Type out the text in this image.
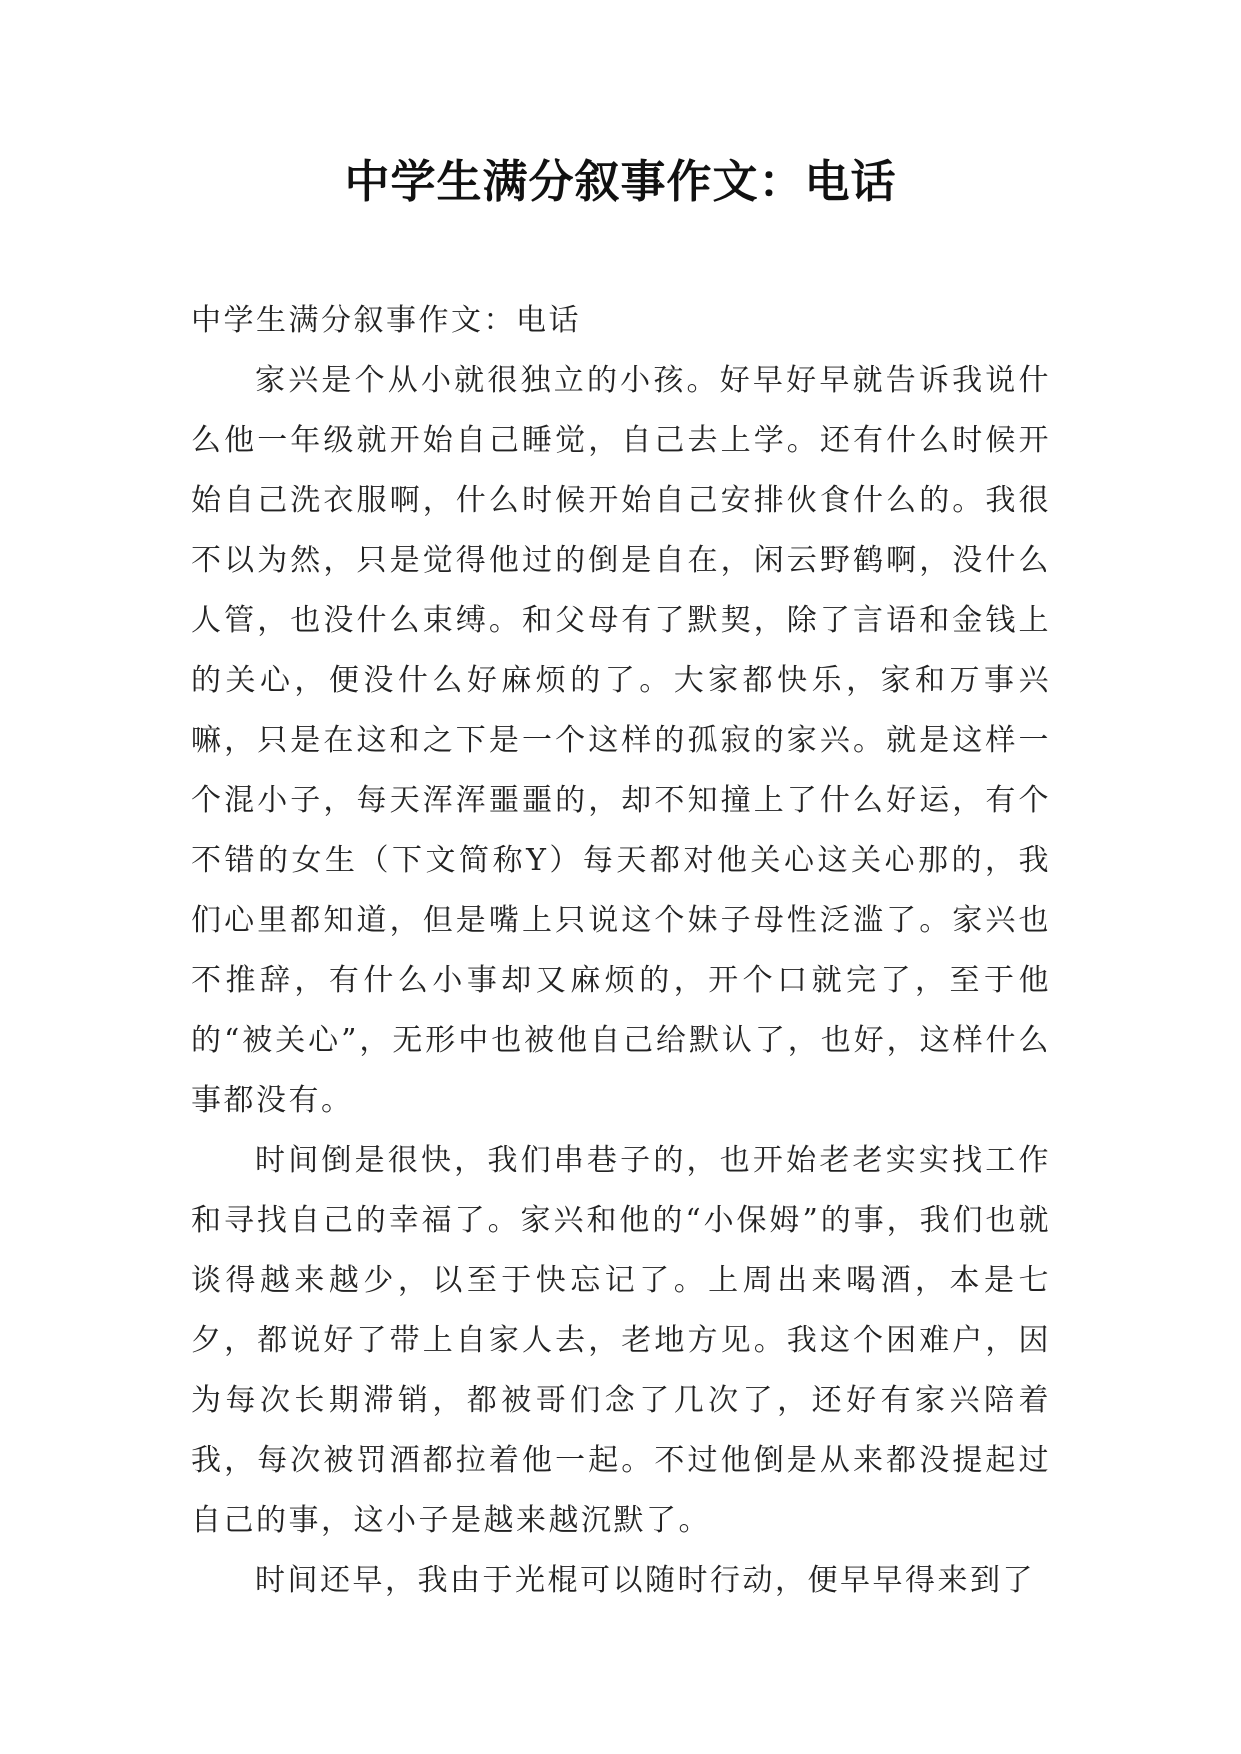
中学生满分叙事作文：电话

中学生满分叙事作文：电话

家兴是个从小就很独立的小孩。好早好早就告诉我说什么他一年级就开始自己睡觉，自己去上学。还有什么时候开始自己洗衣服啊，什么时候开始自己安排伙食什么的。我很不以为然，只是觉得他过的倒是自在，闲云野鹤啊，没什么人管，也没什么束缚。和父母有了默契，除了言语和金钱上的关心，便没什么好麻烦的了。大家都快乐，家和万事兴嘛，只是在这和之下是一个这样的孤寂的家兴。就是这样一个混小子，每天浑浑噩噩的，却不知撞上了什么好运，有个不错的女生（下文简称Y）每天都对他关心这关心那的，我们心里都知道，但是嘴上只说这个妹子母性泛滥了。家兴也不推辞，有什么小事却又麻烦的，开个口就完了，至于他的“被关心”，无形中也被他自己给默认了，也好，这样什么事都没有。

时间倒是很快，我们串巷子的，也开始老老实实找工作和寻找自己的幸福了。家兴和他的“小保姆”的事，我们也就谈得越来越少，以至于快忘记了。上周出来喝酒，本是七夕，都说好了带上自家人去，老地方见。我这个困难户，因为每次长期滞销，都被哥们念了几次了，还好有家兴陪着我，每次被罚酒都拉着他一起。不过他倒是从来都没提起过自己的事，这小子是越来越沉默了。

时间还早，我由于光棍可以随时行动，便早早得来到了
